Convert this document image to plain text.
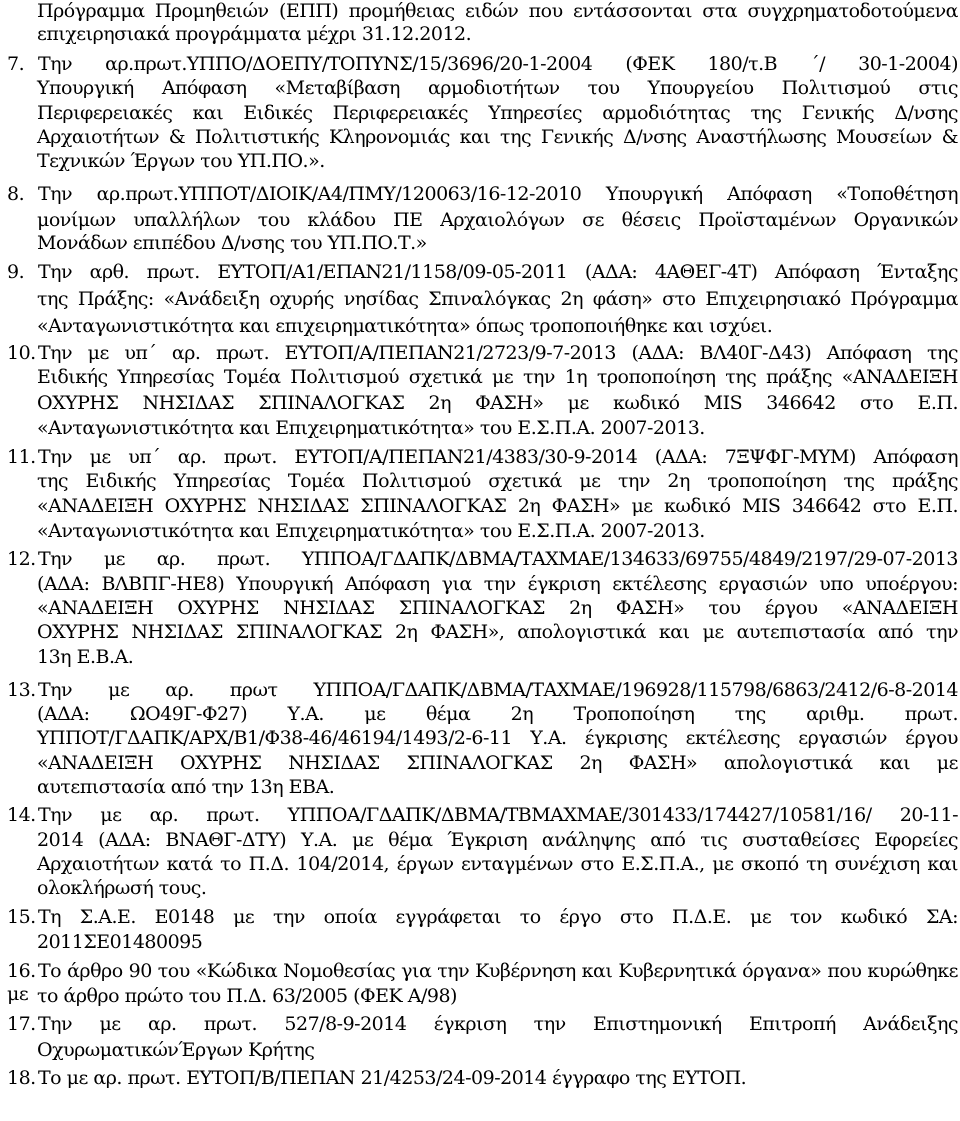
Πρόγραμμα Προμηθειών (ΕΠΠ) προμήθειας ειδών που εντάσσονται στα συγχρηματοδοτούμενα
επιχειρησιακά προγράμματα μέχρι 31.12.2012.
7. Την αρ.πρωτ.ΥΠΠΟ/ΔΟΕΠΥ/ΤΟΠΥΝΣ/15/3696/20-1-2004 (ΦΕΚ 180/τ.Β ΄/ 30-1-2004)
Υπουργική Απόφαση «Μεταβίβαση αρμοδιοτήτων του Υπουργείου Πολιτισμού στις
Περιφερειακές και Ειδικές Περιφερειακές Υπηρεσίες αρμοδιότητας της Γενικής Δ/νσης
Αρχαιοτήτων & Πολιτιστικής Κληρονομιάς και της Γενικής Δ/νσης Αναστήλωσης Μουσείων &
Τεχνικών Έργων του ΥΠ.ΠΟ.».
8. Την αρ.πρωτ.ΥΠΠΟΤ/ΔΙΟΙΚ/Α4/ΠΜΥ/120063/16-12-2010 Υπουργική Απόφαση «Τοποθέτηση
μονίμων υπαλλήλων του κλάδου ΠΕ Αρχαιολόγων σε θέσεις Προϊσταμένων Οργανικών
Μονάδων επιπέδου Δ/νσης του ΥΠ.ΠΟ.Τ.»
9. Την αρθ. πρωτ. ΕΥΤΟΠ/Α1/ΕΠΑΝ21/1158/09-05-2011 (ΑΔΑ: 4ΑΘΕΓ-4Τ) Απόφαση Ένταξης
της Πράξης: «Ανάδειξη οχυρής νησίδας Σπιναλόγκας 2η φάση» στο Επιχειρησιακό Πρόγραμμα
«Ανταγωνιστικότητα και επιχειρηματικότητα» όπως τροποποιήθηκε και ισχύει.
10. Την με υπ΄ αρ. πρωτ. ΕΥΤΟΠ/Α/ΠΕΠΑΝ21/2723/9-7-2013 (ΑΔΑ: ΒΛ40Γ-Δ43) Απόφαση της
Ειδικής Υπηρεσίας Τομέα Πολιτισμού σχετικά με την 1η τροποποίηση της πράξης «ΑΝΑΔΕΙΞΗ
ΟΧΥΡΗΣ ΝΗΣΙΔΑΣ ΣΠΙΝΑΛΟΓΚΑΣ 2η ΦΑΣΗ» με κωδικό MIS 346642 στο Ε.Π.
«Ανταγωνιστικότητα και Επιχειρηματικότητα» του Ε.Σ.Π.Α. 2007-2013.
11. Την με υπ΄ αρ. πρωτ. ΕΥΤΟΠ/Α/ΠΕΠΑΝ21/4383/30-9-2014 (ΑΔΑ: 7ΞΨΦΓ-ΜΥΜ) Απόφαση
της Ειδικής Υπηρεσίας Τομέα Πολιτισμού σχετικά με την 2η τροποποίηση της πράξης
«ΑΝΑΔΕΙΞΗ ΟΧΥΡΗΣ ΝΗΣΙΔΑΣ ΣΠΙΝΑΛΟΓΚΑΣ 2η ΦΑΣΗ» με κωδικό MIS 346642 στο Ε.Π.
«Ανταγωνιστικότητα και Επιχειρηματικότητα» του Ε.Σ.Π.Α. 2007-2013.
12. Την με αρ. πρωτ. ΥΠΠΟΑ/ΓΔΑΠΚ/ΔΒΜΑ/ΤΑΧΜΑΕ/134633/69755/4849/2197/29-07-2013
(ΑΔΑ: ΒΛΒΠΓ-ΗΕ8) Υπουργική Απόφαση για την έγκριση εκτέλεσης εργασιών υπο υπoέργου:
«ΑΝΑΔΕΙΞΗ ΟΧΥΡΗΣ ΝΗΣΙΔΑΣ ΣΠΙΝΑΛΟΓΚΑΣ 2η ΦΑΣΗ» του έργου «ΑΝΑΔΕΙΞΗ
ΟΧΥΡΗΣ ΝΗΣΙΔΑΣ ΣΠΙΝΑΛΟΓΚΑΣ 2η ΦΑΣΗ», απολογιστικά και με αυτεπιστασία από την
13η Ε.Β.Α.
13. Την με αρ. πρωτ ΥΠΠΟΑ/ΓΔΑΠΚ/ΔΒΜΑ/ΤΑΧΜΑΕ/196928/115798/6863/2412/6-8-2014
(ΑΔΑ: ΩΟ49Γ-Φ27) Υ.Α. με θέμα 2η Τροποποίηση της αριθμ. πρωτ.
ΥΠΠΟΤ/ΓΔΑΠΚ/ΑΡΧ/Β1/Φ38-46/46194/1493/2-6-11 Υ.Α. έγκρισης εκτέλεσης εργασιών έργου
«ΑΝΑΔΕΙΞΗ ΟΧΥΡΗΣ ΝΗΣΙΔΑΣ ΣΠΙΝΑΛΟΓΚΑΣ 2η ΦΑΣΗ» απολογιστικά και με
αυτεπιστασία από την 13η ΕΒΑ.
14. Την με αρ. πρωτ. ΥΠΠΟΑ/ΓΔΑΠΚ/ΔΒΜΑ/ΤΒΜΑΧΜΑΕ/301433/174427/10581/16/ 20-11-
2014 (ΑΔΑ: ΒΝΑΘΓ-ΔΤΥ) Υ.Α. με θέμα Έγκριση ανάληψης από τις συσταθείσες Εφορείες
Αρχαιοτήτων κατά το Π.Δ. 104/2014, έργων ενταγμένων στο Ε.Σ.Π.Α., με σκοπό τη συνέχιση και
ολοκλήρωσή τους.
15. Τη Σ.Α.Ε. Ε0148 με την οποία εγγράφεται το έργο στο Π.Δ.Ε. με τον κωδικό ΣΑ:
2011ΣΕ01480095
16. Το άρθρο 90 του «Κώδικα Νομοθεσίας για την Κυβέρνηση και Κυβερνητικά όργανα» που κυρώθηκε με το άρθρο πρώτο του Π.Δ. 63/2005 (ΦΕΚ Α/98)
17. Την με αρ. πρωτ. 527/8-9-2014 έγκριση την Επιστημονική Επιτροπή Ανάδειξης
ΟχυρωματικώνΈργων Κρήτης
18. Το με αρ. πρωτ. ΕΥΤΟΠ/Β/ΠΕΠΑΝ 21/4253/24-09-2014 έγγραφο της ΕΥΤΟΠ.
